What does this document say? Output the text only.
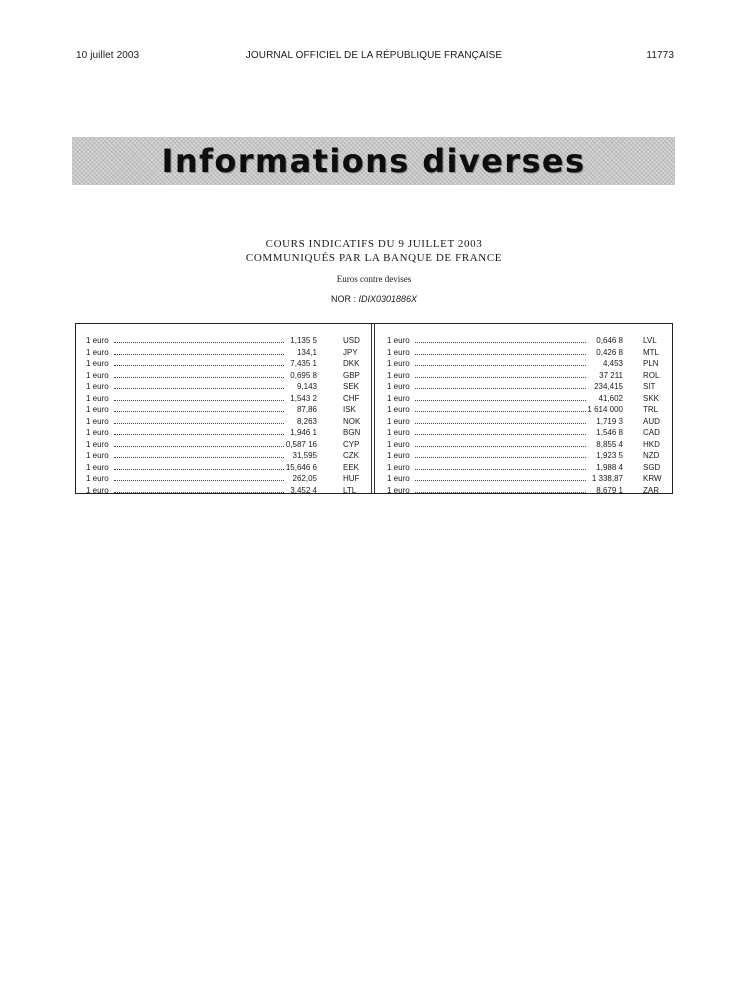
10 juillet 2003	JOURNAL OFFICIEL DE LA RÉPUBLIQUE FRANÇAISE	11773
Informations diverses
COURS INDICATIFS DU 9 JUILLET 2003
COMMUNIQUÉS PAR LA BANQUE DE FRANCE
Euros contre devises
NOR : IDIX0301886X
1 euro	1,135 5	USD
1 euro	134,1	JPY
1 euro	7,435 1	DKK
1 euro	0,695 8	GBP
1 euro	9,143	SEK
1 euro	1,543 2	CHF
1 euro	87,86	ISK
1 euro	8,263	NOK
1 euro	1,946 1	BGN
1 euro	0,587 16	CYP
1 euro	31,595	CZK
1 euro	15,646 6	EEK
1 euro	262,05	HUF
1 euro	3,452 4	LTL
1 euro	0,646 8	LVL
1 euro	0,426 8	MTL
1 euro	4,453	PLN
1 euro	37 211	ROL
1 euro	234,415	SIT
1 euro	41,602	SKK
1 euro	1 614 000	TRL
1 euro	1,719 3	AUD
1 euro	1,546 8	CAD
1 euro	8,855 4	HKD
1 euro	1,923 5	NZD
1 euro	1,988 4	SGD
1 euro	1 338,87	KRW
1 euro	8,679 1	ZAR
